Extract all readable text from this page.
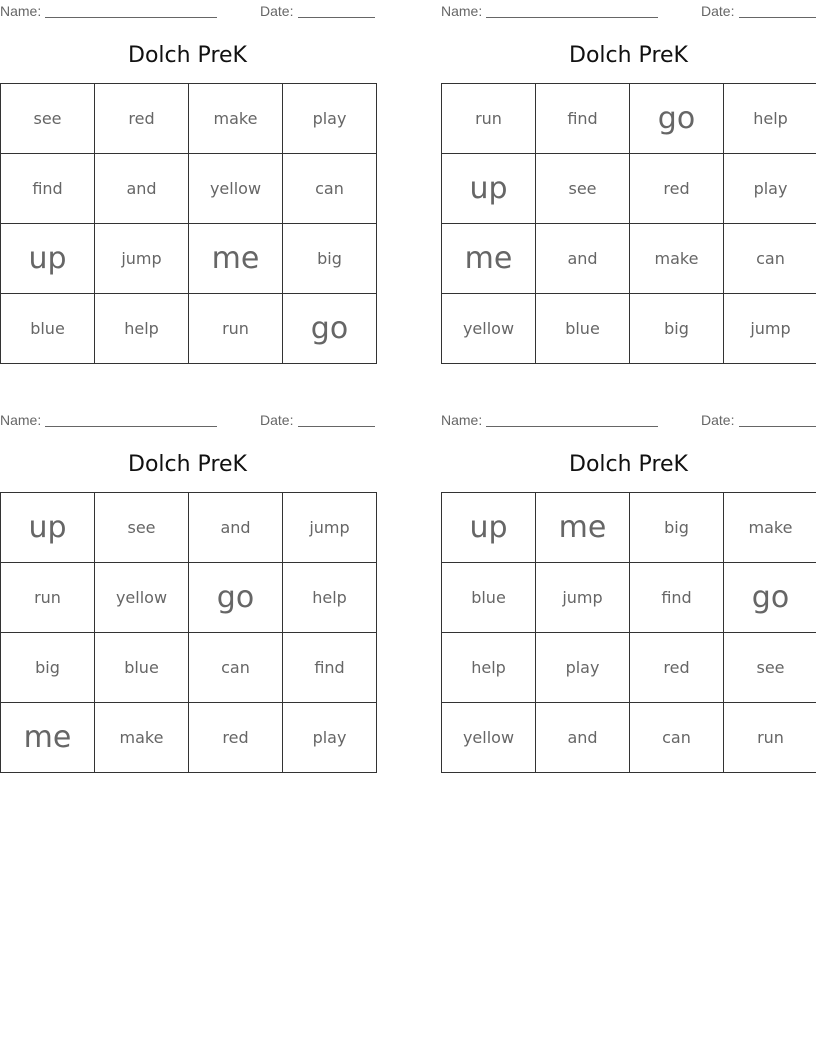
Name:	Date:
Dolch PreK
see	red	make	play
find	and	yellow	can
up	jump	me	big
blue	help	run	go
Name:	Date:
Dolch PreK
run	find	go	help
up	see	red	play
me	and	make	can
yellow	blue	big	jump
Name:	Date:
Dolch PreK
up	see	and	jump
run	yellow	go	help
big	blue	can	find
me	make	red	play
Name:	Date:
Dolch PreK
up	me	big	make
blue	jump	find	go
help	play	red	see
yellow	and	can	run
